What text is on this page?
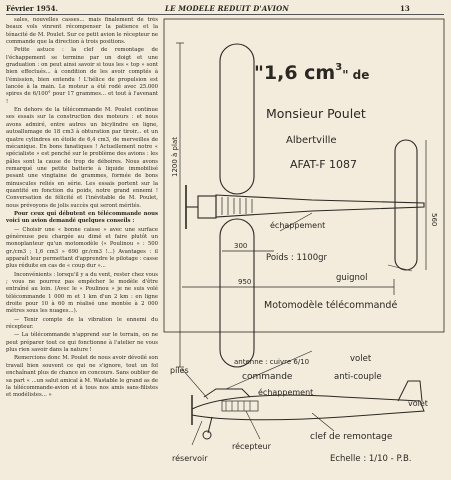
Février 1954.	LE MODELE REDUIT D'AVION	13

sales, nouvelles casses... mais finalement de très beaux vols vinrent récompenser la patience et la ténacité de M. Poulet. Sur ce petit avion le récepteur ne commande que la direction à trois positions.

Petite astuce : la clef de remontage de l'échappement se termine par un doigt et une graduation : on peut ainsi savoir si tous les « top » sont bien effectués... à condition de les avoir comptés à l'émission, bien entendu ! L'hélice de propulsion est lancée à la main. Le moteur a été rodé avec 25.000 spires de 6/100° pour 17 grammes... et tout à l'avenant !

En dehors de la télécommande M. Poulet continue ses essais sur la construction des moteurs : et nous avons admiré, entre autres un bicylindre en ligne, autoallumage de 18 cm3 à obturation par tiroir... et un quatre cylindres en étoile de 6,4 cm3, de merveilles de mécanique. En bons fanatiques ! Actuellement notre « spécialiste » est penché sur le problème des avions : les pâles sont la cause de trop de déboires. Nous avons remarqué une petite batterie à liquide immobilisé pesant une vingtaine de grammes, formée de bons minuscules reliés en série. Les essais portent sur la quantité en fonction du poids, notre grand ennemi ! Conversation de félicité et l'inévitable de M. Poulet, nous prévoyons de jolis succès qui seront mérités.

Pour ceux qui débutent en télécommande nous voici un avion demandé quelques conseils :

— Choisir une « bonne caisse » avec une surface généreuse peu chargée au dimé et faire plutôt un monoplanteur qu'un motomodèle (« Poulinou » : 500 gr./cm3 ; 1,6 cm3 » 690 gr./cm3 !...) Avantages : il apparaît leur permettant d'apprendre le pilotage : casse plus réduite en cas de « coup dur »...

Inconvénients : lorsqu'il y a du vent, rester chez vous ; vous ne pourrez pas empêcher le modèle d'être entraîné au loin. (Avec le « Poulinou » je ne suis volé télécommande 1 000 m et 1 km d'un 2 km : en ligne droite pour 10 à 60 m réalisé une montée à 2 000 mètres sous les nuages...).

— Tenir compte de la vibration le ennemi du récepteur.

— La télécommande n'apprend sur le terrain, on ne peut préparer tout ce qui fonctionne à l'atelier ne vous plus rien savoir dans la nature !

Remercions donc M. Poulet de nous avoir dévoilé son travail bien souvent ce qui ne s'ignore, tout un fol enchaînant plus de chance en concours. Sans oublier de sa part « ...un salut amical à M. Wastable le grand as de la télécommande-avion et à tous nos amis sans-filistes et modélistes... »

"1,6 $cm^3_{" de}$
Monsieur Poulet
Albertville
AFAT-F 1087
échappement
Poids : 1100gr
guignol
Motomodèle télécommandé
1200 à plat
300
560
950
piles
antenne : cuivre 6/10	volet
commande	anti-couple
échappement
volet
récepteur
réservoir
clef de remontage
Echelle : 1/10 - P.B.
